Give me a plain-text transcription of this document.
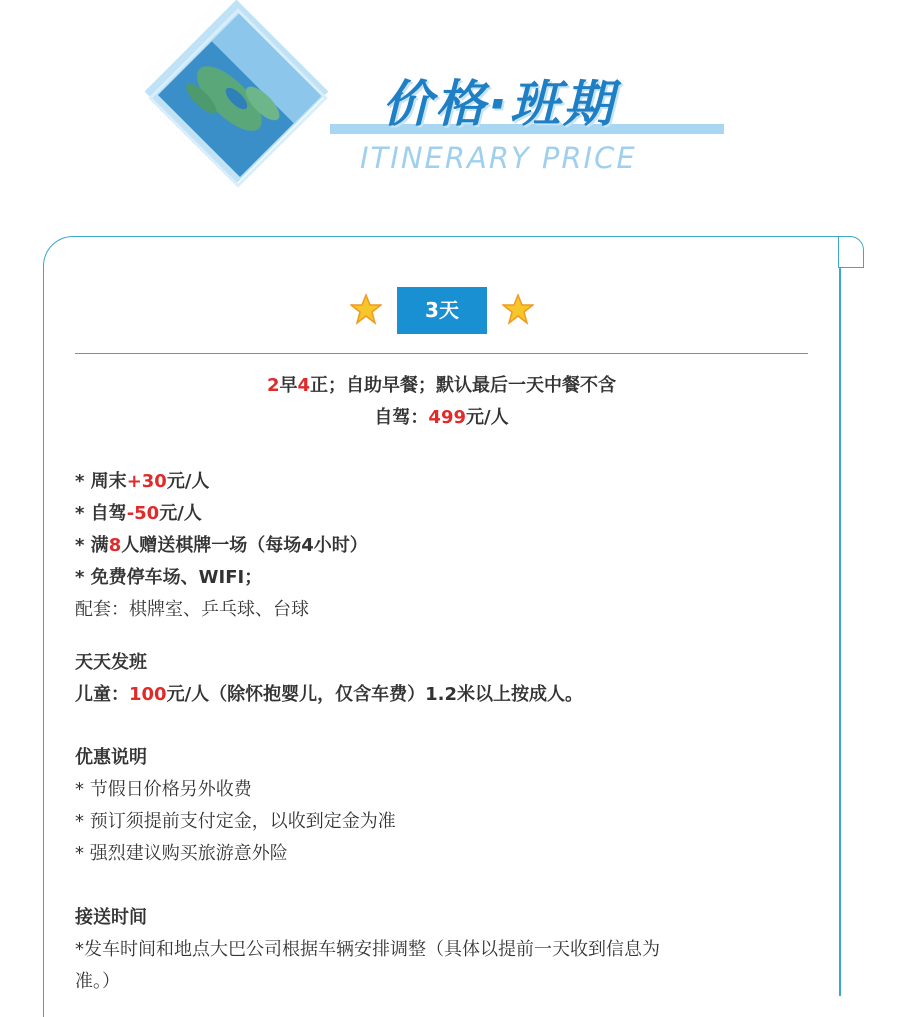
价格·班期
ITINERARY PRICE
3天
2早4正；自助早餐；默认最后一天中餐不含
自驾：499元/人
* 周末+30元/人
* 自驾-50元/人
* 满8人赠送棋牌一场（每场4小时）
* 免费停车场、WIFI；
配套：棋牌室、乒乓球、台球
天天发班
儿童：100元/人（除怀抱婴儿，仅含车费）1.2米以上按成人。
优惠说明
* 节假日价格另外收费
* 预订须提前支付定金，以收到定金为准
* 强烈建议购买旅游意外险
接送时间
*发车时间和地点大巴公司根据车辆安排调整（具体以提前一天收到信息为
准。）
